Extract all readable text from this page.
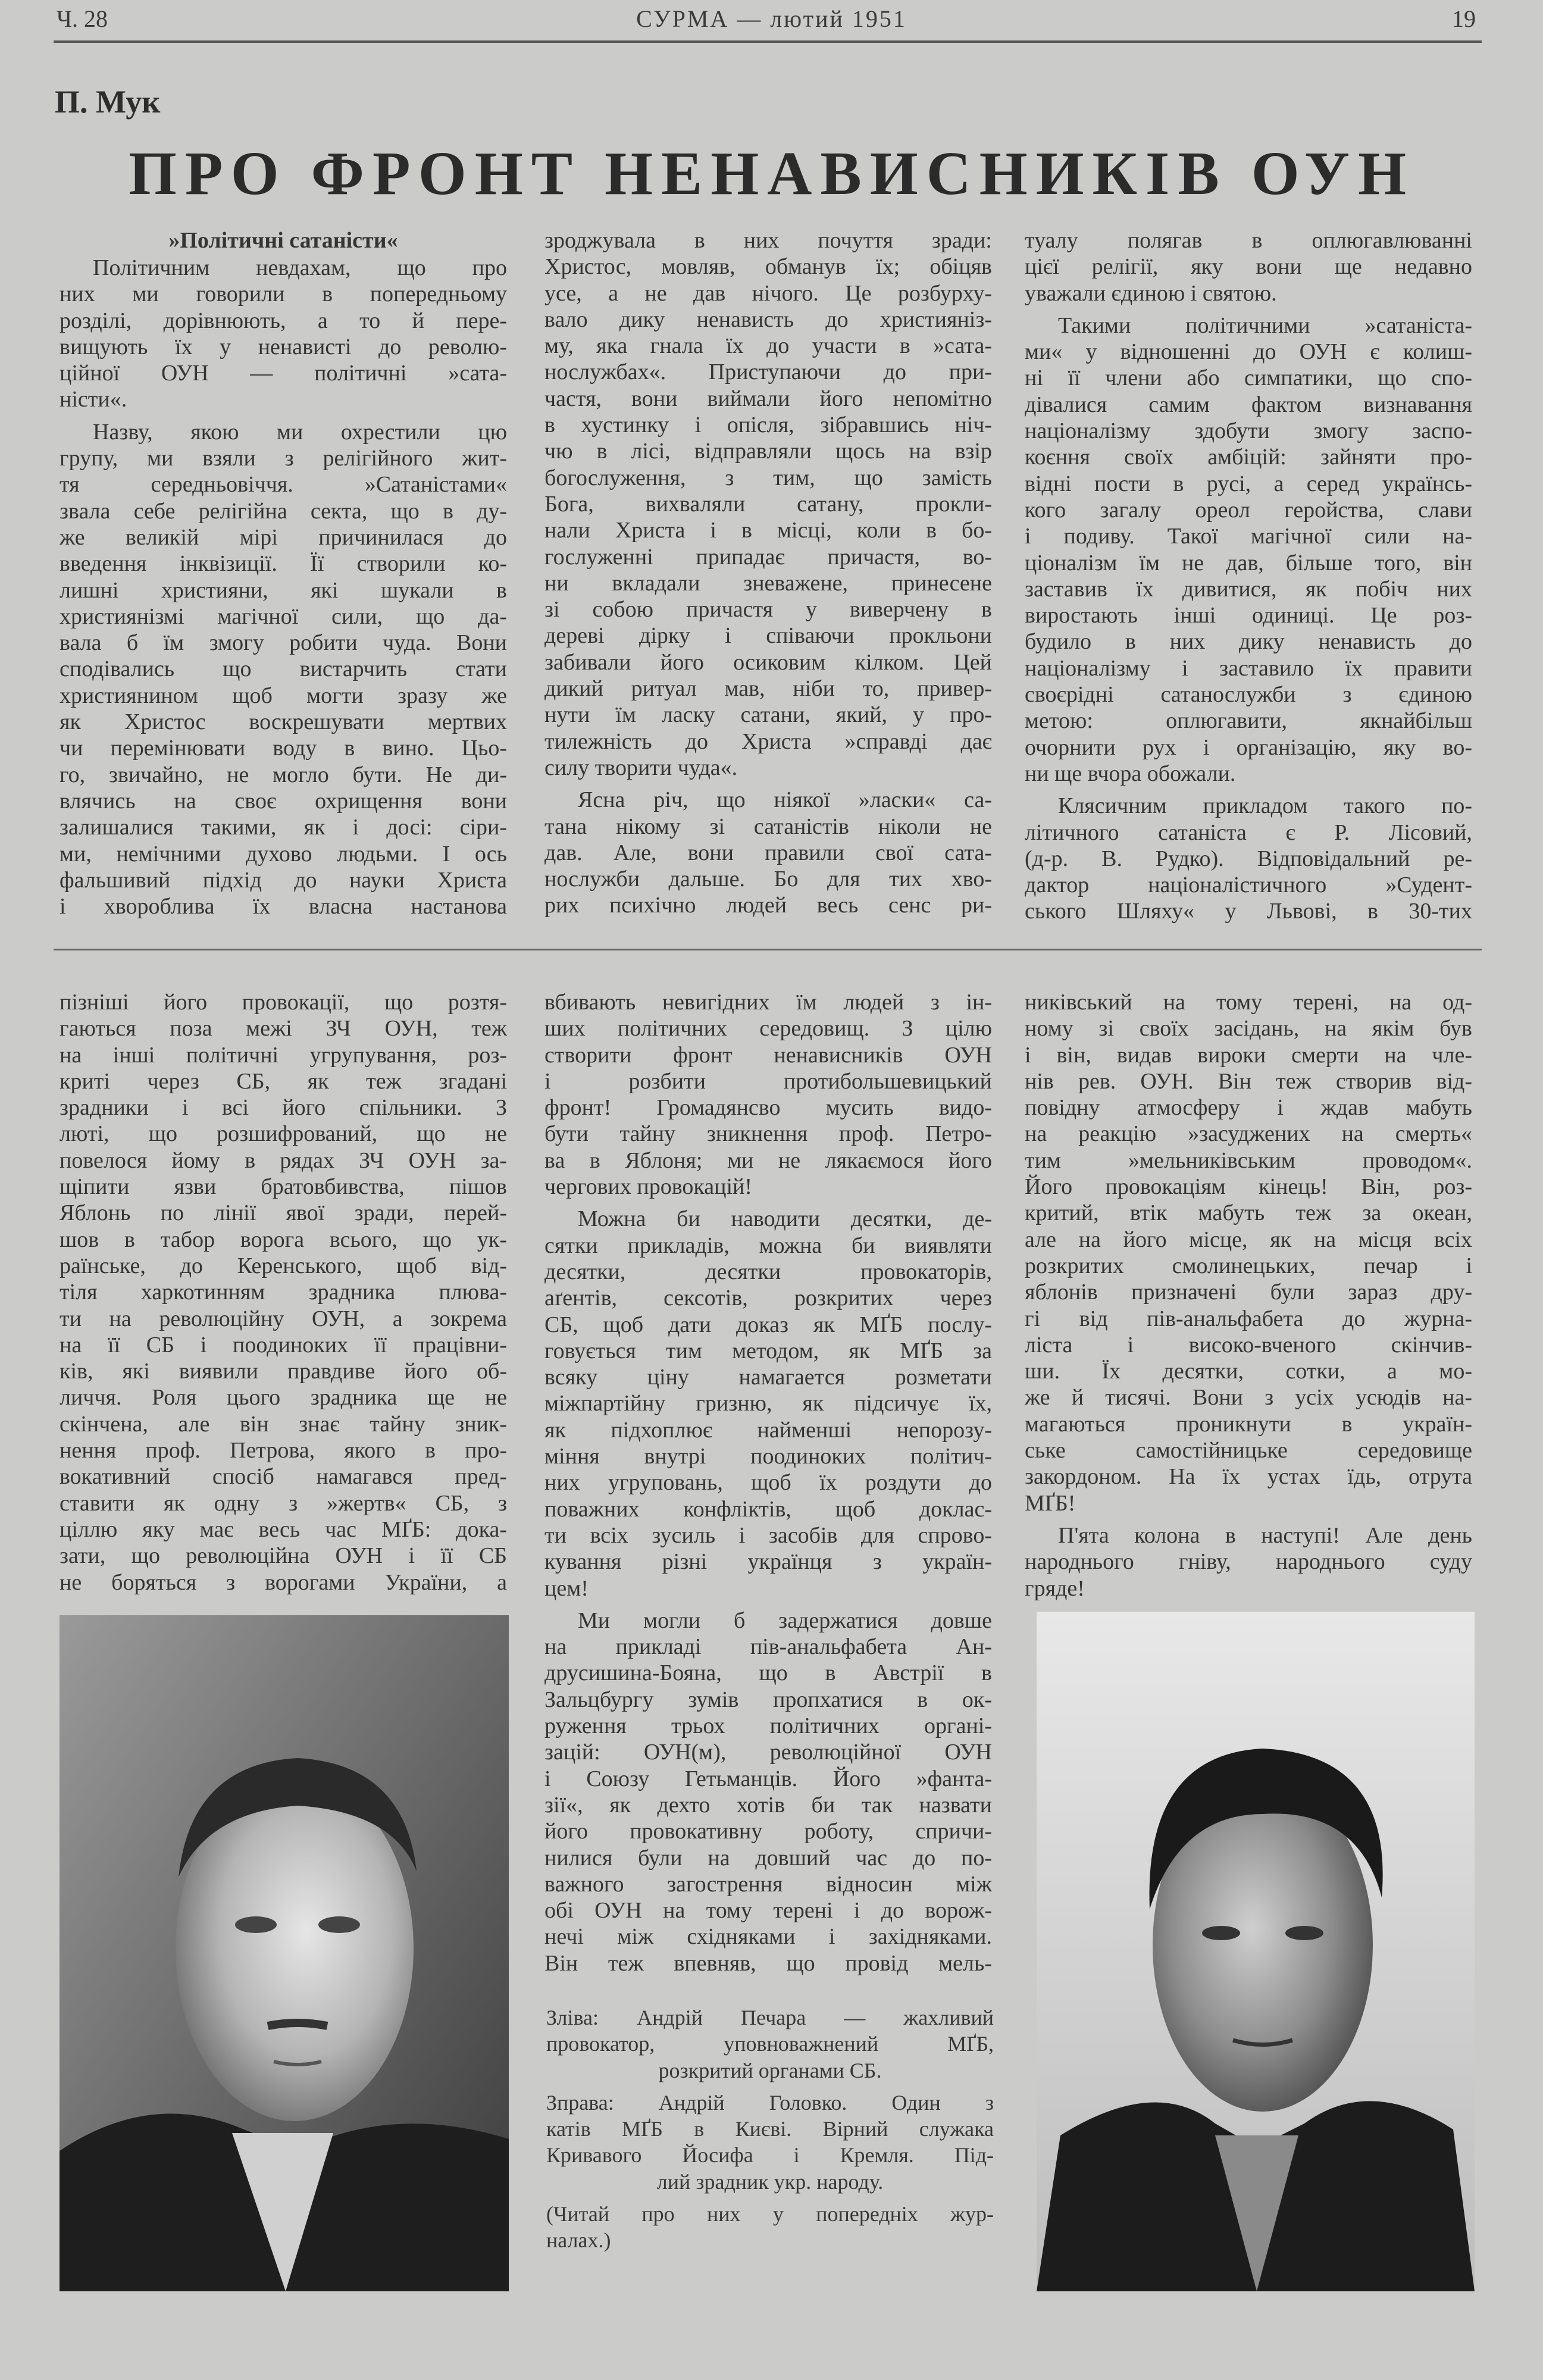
Ч. 28	СУРМА — лютий 1951	19
П. Мук
ПРО ФРОНТ НЕНАВИСНИКІВ ОУН
»Політичні сатаністи«
Політичним невдахам, що про
них ми говорили в попередньому
розділі, дорівнюють, а то й пере-
вищують їх у ненависті до револю-
ційної ОУН — політичні »сата-
ністи«.
Назву, якою ми охрестили цю
групу, ми взяли з релігійного жит-
тя середньовіччя. »Сатаністами«
звала себе релігійна секта, що в ду-
же великій мірі причинилася до
введення інквізиції. Її створили ко-
лишні християни, які шукали в
християнізмі магічної сили, що да-
вала б їм змогу робити чуда. Вони
сподівались що вистарчить стати
християнином щоб могти зразу же
як Христос воскрешувати мертвих
чи перемінювати воду в вино. Цьо-
го, звичайно, не могло бути. Не ди-
влячись на своє охрищення вони
залишалися такими, як і досі: сіри-
ми, немічними духово людьми. І ось
фальшивий підхід до науки Христа
і хвороблива їх власна настанова
зроджувала в них почуття зради:
Христос, мовляв, обманув їх; обіцяв
усе, а не дав нічого. Це розбурху-
вало дику ненависть до християніз-
му, яка гнала їх до участи в »сата-
нослужбах«. Приступаючи до при-
частя, вони виймали його непомітно
в хустинку і опісля, зібравшись ніч-
чю в лісі, відправляли щось на взір
богослуження, з тим, що замість
Бога, вихваляли сатану, прокли-
нали Христа і в місці, коли в бо-
гослуженні припадає причастя, во-
ни вкладали зневажене, принесене
зі собою причастя у виверчену в
дереві дірку і співаючи прокльони
забивали його осиковим кілком. Цей
дикий ритуал мав, ніби то, привер-
нути їм ласку сатани, який, у про-
тилежність до Христа »справді дає
силу творити чуда«.
Ясна річ, що ніякої »ласки« са-
тана нікому зі сатаністів ніколи не
дав. Але, вони правили свої сата-
нослужби дальше. Бо для тих хво-
рих психічно людей весь сенс ри-
туалу полягав в оплюгавлюванні
цієї релігії, яку вони ще недавно
уважали єдиною і святою.
Такими політичними »сатаніста-
ми« у відношенні до ОУН є колиш-
ні її члени або симпатики, що спо-
дівалися самим фактом визнавання
націоналізму здобути змогу заспо-
коєння своїх амбіцій: зайняти про-
відні пости в русі, а серед українсь-
кого загалу ореол геройства, слави
і подиву. Такої магічної сили на-
ціоналізм їм не дав, більше того, він
заставив їх дивитися, як побіч них
виростають інші одиниці. Це роз-
будило в них дику ненависть до
націоналізму і заставило їх правити
своєрідні сатанослужби з єдиною
метою: оплюгавити, якнайбільш
очорнити рух і організацію, яку во-
ни ще вчора обожали.
Клясичним прикладом такого по-
літичного сатаніста є Р. Лісовий,
(д-р. В. Рудко). Відповідальний ре-
дактор націоналістичного »Судент-
ського Шляху« у Львові, в 30-тих
пізніші його провокації, що розтя-
гаються поза межі ЗЧ ОУН, теж
на інші політичні угрупування, роз-
криті через СБ, як теж згадані
зрадники і всі його спільники. З
люті, що розшифрований, що не
повелося йому в рядах ЗЧ ОУН за-
щіпити язви братовбивства, пішов
Яблонь по лінії явої зради, перей-
шов в табор ворога всього, що ук-
раїнське, до Керенського, щоб від-
тіля харкотинням зрадника плюва-
ти на революційну ОУН, а зокрема
на її СБ і поодиноких її працівни-
ків, які виявили правдиве його об-
личчя. Роля цього зрадника ще не
скінчена, але він знає тайну зник-
нення проф. Петрова, якого в про-
вокативний спосіб намагався пред-
ставити як одну з »жертв« СБ, з
ціллю яку має весь час МҐБ: дока-
зати, що революційна ОУН і її СБ
не боряться з ворогами України, а
вбивають невигідних їм людей з ін-
ших політичних середовищ. З цілю
створити фронт ненависників ОУН
і розбити протибольшевицький
фронт! Громадянсво мусить видо-
бути тайну зникнення проф. Петро-
ва в Яблоня; ми не лякаємося його
чергових провокацій!
Можна би наводити десятки, де-
сятки прикладів, можна би виявляти
десятки, десятки провокаторів,
аґентів, сексотів, розкритих через
СБ, щоб дати доказ як МҐБ послу-
говується тим методом, як МҐБ за
всяку ціну намагается розметати
міжпартійну гризню, як підсичує їх,
як підхоплює найменші непорозу-
міння внутрі поодиноких політич-
них угруповань, щоб їх роздути до
поважних конфліктів, щоб доклас-
ти всіх зусиль і засобів для спрово-
кування різні українця з україн-
цем!
Ми могли б задержатися довше
на прикладі пів-анальфабета Ан-
друсишина-Бояна, що в Австрії в
Зальцбургу зумів пропхатися в ок-
руження трьох політичних органі-
зацій: ОУН(м), революційної ОУН
і Союзу Гетьманців. Його »фанта-
зії«, як дехто хотів би так назвати
його провокативну роботу, спричи-
нилися були на довший час до по-
важного загострення відносин між
обі ОУН на тому терені і до ворож-
нечі між східняками і західняками.
Він теж впевняв, що провід мель-
никівський на тому терені, на од-
ному зі своїх засідань, на якім був
і він, видав вироки смерти на чле-
нів рев. ОУН. Він теж створив від-
повідну атмосферу і ждав мабуть
на реакцію »засуджених на смерть«
тим »мельниківським проводом«.
Його провокаціям кінець! Він, роз-
критий, втік мабуть теж за океан,
але на його місце, як на місця всіх
розкритих смолинецьких, печар і
яблонів призначені були зараз дру-
гі від пів-анальфабета до журна-
ліста і високо-вченого скінчив-
ши. Їх десятки, сотки, а мо-
же й тисячі. Вони з усіх усюдів на-
магаються проникнути в україн-
ське самостійницьке середовище
закордоном. На їх устах їдь, отрута
МҐБ!
П'ята колона в наступі! Але день
народнього гніву, народнього суду
гряде!
Зліва: Андрій Печара — жахливий
провокатор, уповноважнений МҐБ,
розкритий органами СБ.
Зправа: Андрій Головко. Один з
катів МҐБ в Києві. Вірний служака
Кривавого Йосифа і Кремля. Під-
лий зрадник укр. народу.
(Читай про них у попередніх жур-
налах.)
